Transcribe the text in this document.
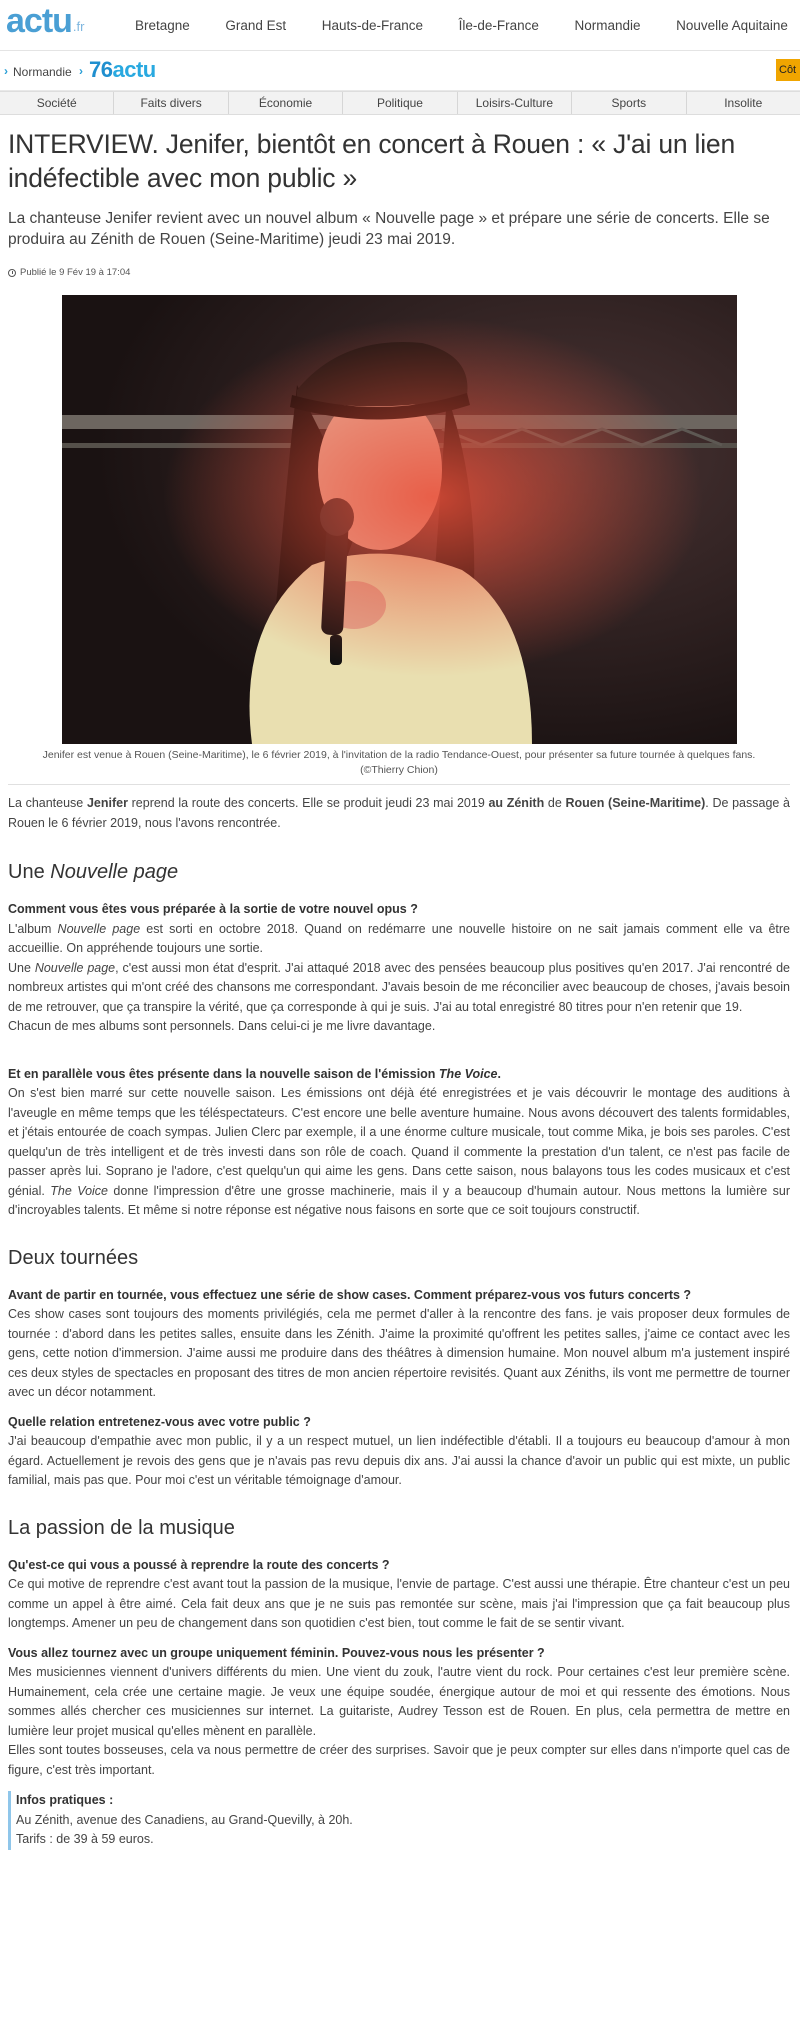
actu .fr	Bretagne	Grand Est	Hauts-de-France	Île-de-France	Normandie	Nouvelle Aquitaine
› Normandie › 76actu	Côt
Société	Faits divers	Économie	Politique	Loisirs-Culture	Sports	Insolite
INTERVIEW. Jenifer, bientôt en concert à Rouen : « J'ai un lien indéfectible avec mon public »

La chanteuse Jenifer revient avec un nouvel album « Nouvelle page » et prépare une série de concerts. Elle se produira au Zénith de Rouen (Seine-Maritime) jeudi 23 mai 2019.

Publié le 9 Fév 19 à 17:04

Jenifer est venue à Rouen (Seine-Maritime), le 6 février 2019, à l'invitation de la radio Tendance-Ouest, pour présenter sa future tournée à quelques fans.
(©Thierry Chion)

La chanteuse Jenifer reprend la route des concerts. Elle se produit jeudi 23 mai 2019 au Zénith de Rouen (Seine-Maritime). De passage à Rouen le 6 février 2019, nous l'avons rencontrée.

Une Nouvelle page

Comment vous êtes vous préparée à la sortie de votre nouvel opus ?

L'album Nouvelle page est sorti en octobre 2018. Quand on redémarre une nouvelle histoire on ne sait jamais comment elle va être accueillie. On appréhende toujours une sortie.

Une Nouvelle page, c'est aussi mon état d'esprit. J'ai attaqué 2018 avec des pensées beaucoup plus positives qu'en 2017. J'ai rencontré de nombreux artistes qui m'ont créé des chansons me correspondant. J'avais besoin de me réconcilier avec beaucoup de choses, j'avais besoin de me retrouver, que ça transpire la vérité, que ça corresponde à qui je suis. J'ai au total enregistré 80 titres pour n'en retenir que 19.

Chacun de mes albums sont personnels. Dans celui-ci je me livre davantage.

Et en parallèle vous êtes présente dans la nouvelle saison de l'émission The Voice.

On s'est bien marré sur cette nouvelle saison. Les émissions ont déjà été enregistrées et je vais découvrir le montage des auditions à l'aveugle en même temps que les téléspectateurs. C'est encore une belle aventure humaine. Nous avons découvert des talents formidables, et j'étais entourée de coach sympas. Julien Clerc par exemple, il a une énorme culture musicale, tout comme Mika, je bois ses paroles. C'est quelqu'un de très intelligent et de très investi dans son rôle de coach. Quand il commente la prestation d'un talent, ce n'est pas facile de passer après lui. Soprano je l'adore, c'est quelqu'un qui aime les gens. Dans cette saison, nous balayons tous les codes musicaux et c'est génial. The Voice donne l'impression d'être une grosse machinerie, mais il y a beaucoup d'humain autour. Nous mettons la lumière sur d'incroyables talents. Et même si notre réponse est négative nous faisons en sorte que ce soit toujours constructif.

Deux tournées

Avant de partir en tournée, vous effectuez une série de show cases. Comment préparez-vous vos futurs concerts ?

Ces show cases sont toujours des moments privilégiés, cela me permet d'aller à la rencontre des fans. je vais proposer deux formules de tournée : d'abord dans les petites salles, ensuite dans les Zénith. J'aime la proximité qu'offrent les petites salles, j'aime ce contact avec les gens, cette notion d'immersion. J'aime aussi me produire dans des théâtres à dimension humaine. Mon nouvel album m'a justement inspiré ces deux styles de spectacles en proposant des titres de mon ancien répertoire revisités. Quant aux Zéniths, ils vont me permettre de tourner avec un décor notamment.

Quelle relation entretenez-vous avec votre public ?

J'ai beaucoup d'empathie avec mon public, il y a un respect mutuel, un lien indéfectible d'établi. Il a toujours eu beaucoup d'amour à mon égard. Actuellement je revois des gens que je n'avais pas revu depuis dix ans. J'ai aussi la chance d'avoir un public qui est mixte, un public familial, mais pas que. Pour moi c'est un véritable témoignage d'amour.

La passion de la musique

Qu'est-ce qui vous a poussé à reprendre la route des concerts ?

Ce qui motive de reprendre c'est avant tout la passion de la musique, l'envie de partage. C'est aussi une thérapie. Être chanteur c'est un peu comme un appel à être aimé. Cela fait deux ans que je ne suis pas remontée sur scène, mais j'ai l'impression que ça fait beaucoup plus longtemps. Amener un peu de changement dans son quotidien c'est bien, tout comme le fait de se sentir vivant.

Vous allez tournez avec un groupe uniquement féminin. Pouvez-vous nous les présenter ?

Mes musiciennes viennent d'univers différents du mien. Une vient du zouk, l'autre vient du rock. Pour certaines c'est leur première scène. Humainement, cela crée une certaine magie. Je veux une équipe soudée, énergique autour de moi et qui ressente des émotions. Nous sommes allés chercher ces musiciennes sur internet. La guitariste, Audrey Tesson est de Rouen. En plus, cela permettra de mettre en lumière leur projet musical qu'elles mènent en parallèle.

Elles sont toutes bosseuses, cela va nous permettre de créer des surprises. Savoir que je peux compter sur elles dans n'importe quel cas de figure, c'est très important.

Infos pratiques :

Au Zénith, avenue des Canadiens, au Grand-Quevilly, à 20h.

Tarifs : de 39 à 59 euros.
